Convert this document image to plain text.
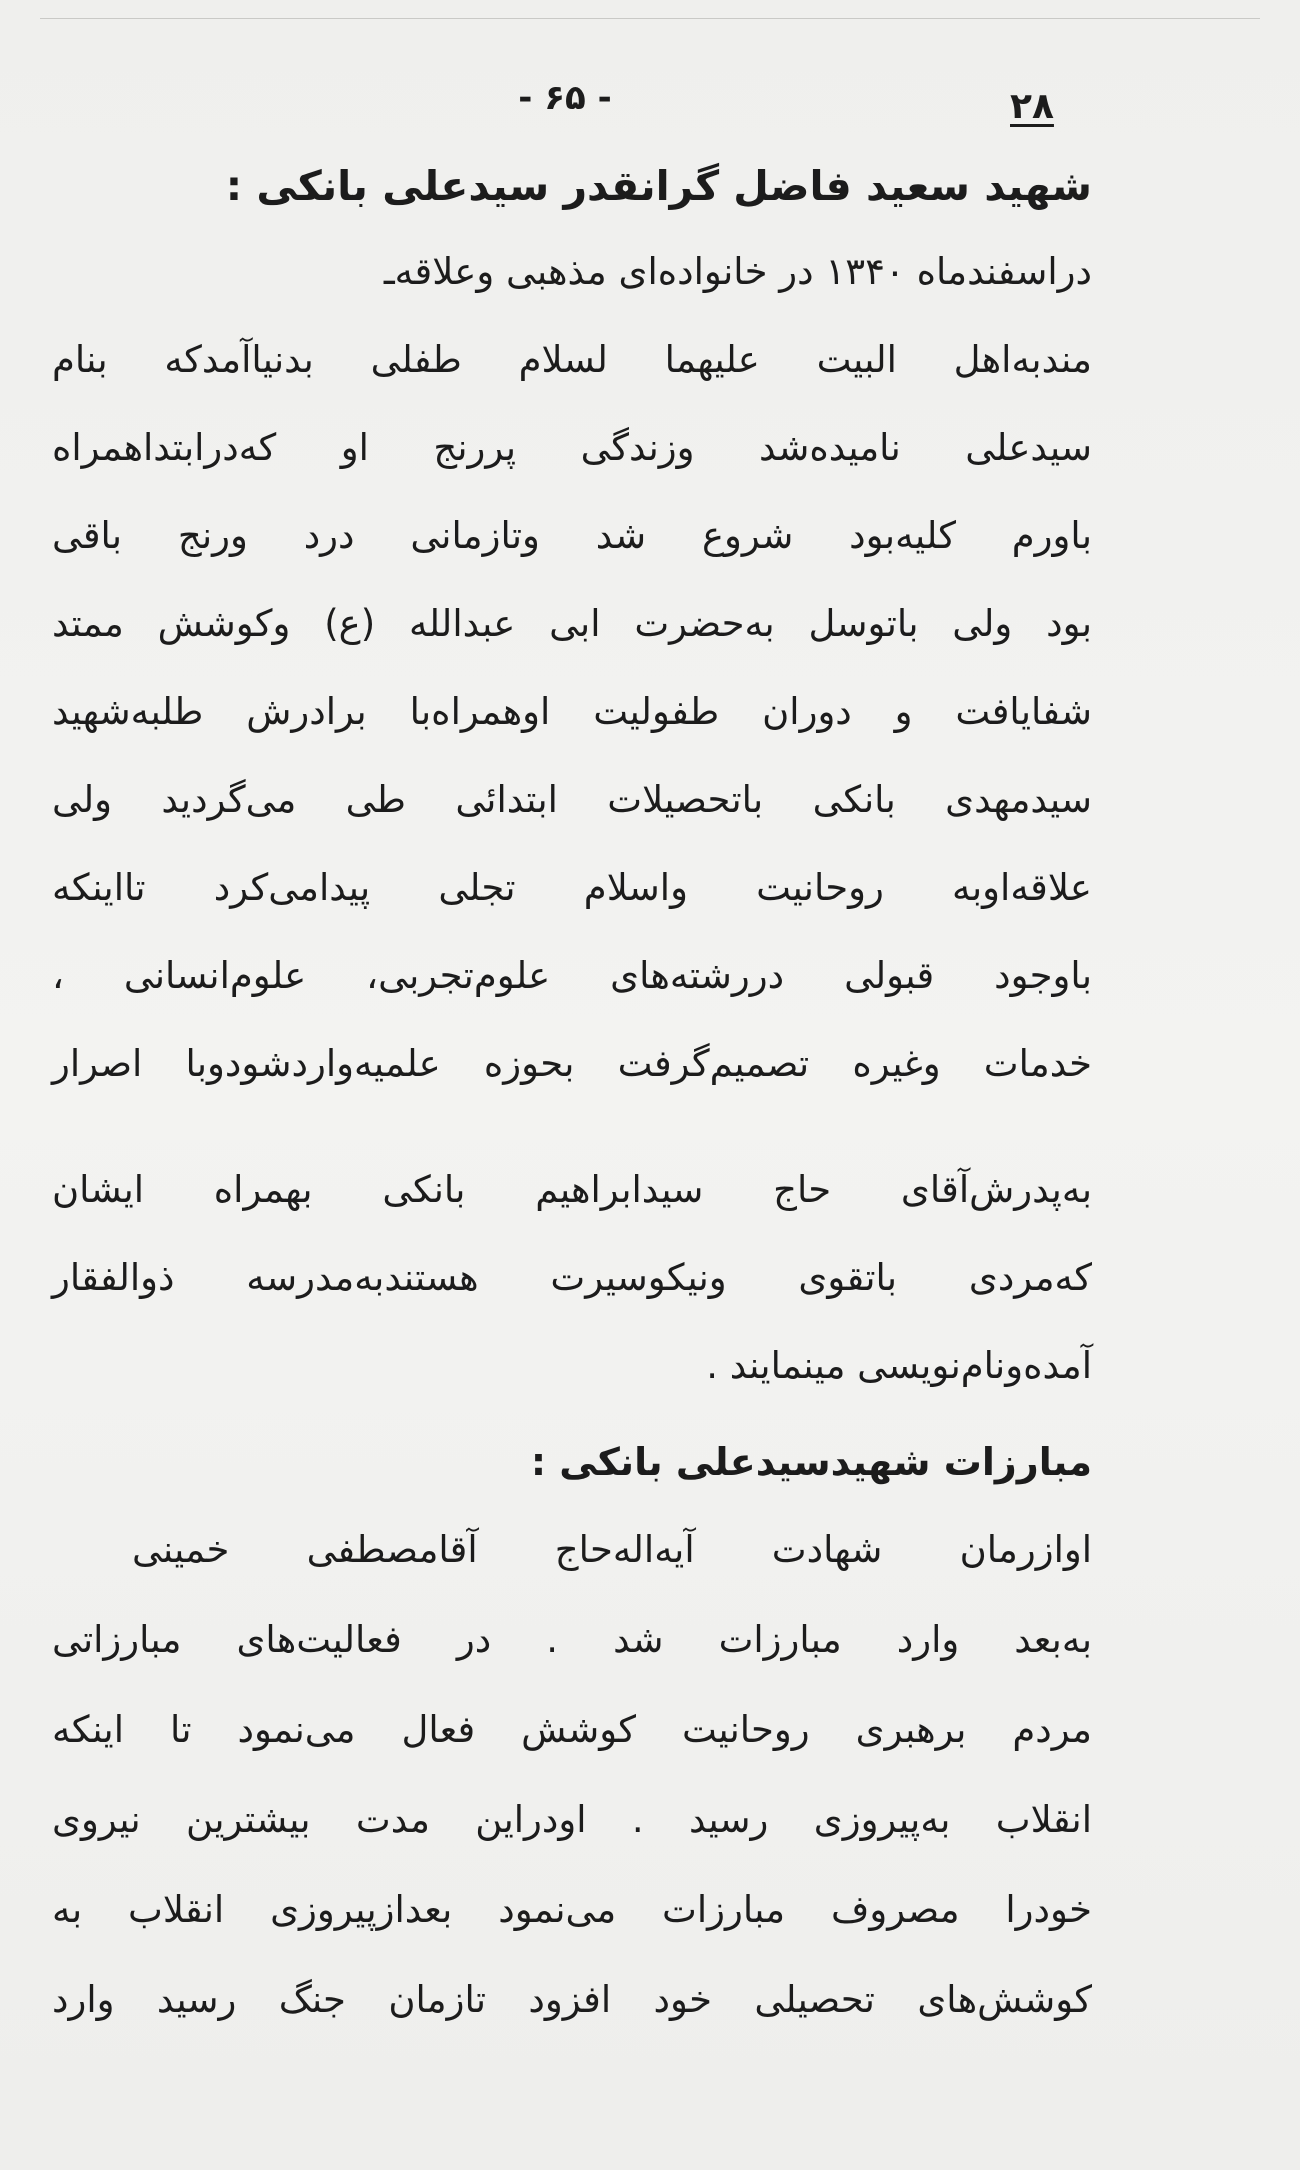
- ۶۵ -	۲۸
شهید سعید فاضل گرانقدر سیدعلی بانکی :
دراسفندماه ۱۳۴۰ در خانواده‌ای مذهبی وعلاقه‌ـ
مندبه‌اهل البیت علیهما لسلام طفلی بدنیاآمدکه بنام
سیدعلی نامیده‌شد وزندگی پررنج او که‌درابتداهمراه
باورم کلیه‌بود شروع شد وتازمانی درد ورنج باقی
بود ولی باتوسل به‌حضرت ابی عبدالله (ع) وکوشش ممتد
شفایافت و دوران طفولیت اوهمراه‌با برادرش طلبه‌شهید
سیدمهدی بانکی باتحصیلات ابتدائی طی می‌گردید ولی
علاقه‌اوبه روحانیت واسلام تجلی پیدامی‌کرد تااینکه
باوجود قبولی دررشته‌های علوم‌تجربی، علوم‌انسانی ،
خدمات وغیره تصمیم‌گرفت بحوزه علمیه‌واردشودوبا اصرار
به‌پدرش‌آقای حاج سیدابراهیم بانکی بهمراه ایشان
که‌مردی باتقوی ونیکوسیرت هستندبه‌مدرسه ذوالفقار
آمده‌ونام‌نویسی مینمایند .
مبارزات شهیدسیدعلی بانکی :
اوازرمان شهادت آیه‌اله‌حاج آقامصطفی خمینی
به‌بعد وارد مبارزات شد . در فعالیت‌های مبارزاتی
مردم برهبری روحانیت کوشش فعال می‌نمود تا اینکه
انقلاب به‌پیروزی رسید . اودراین مدت بیشترین نیروی
خودرا مصروف مبارزات می‌نمود بعدازپیروزی انقلاب به
کوشش‌های تحصیلی خود افزود تازمان جنگ رسید وارد
